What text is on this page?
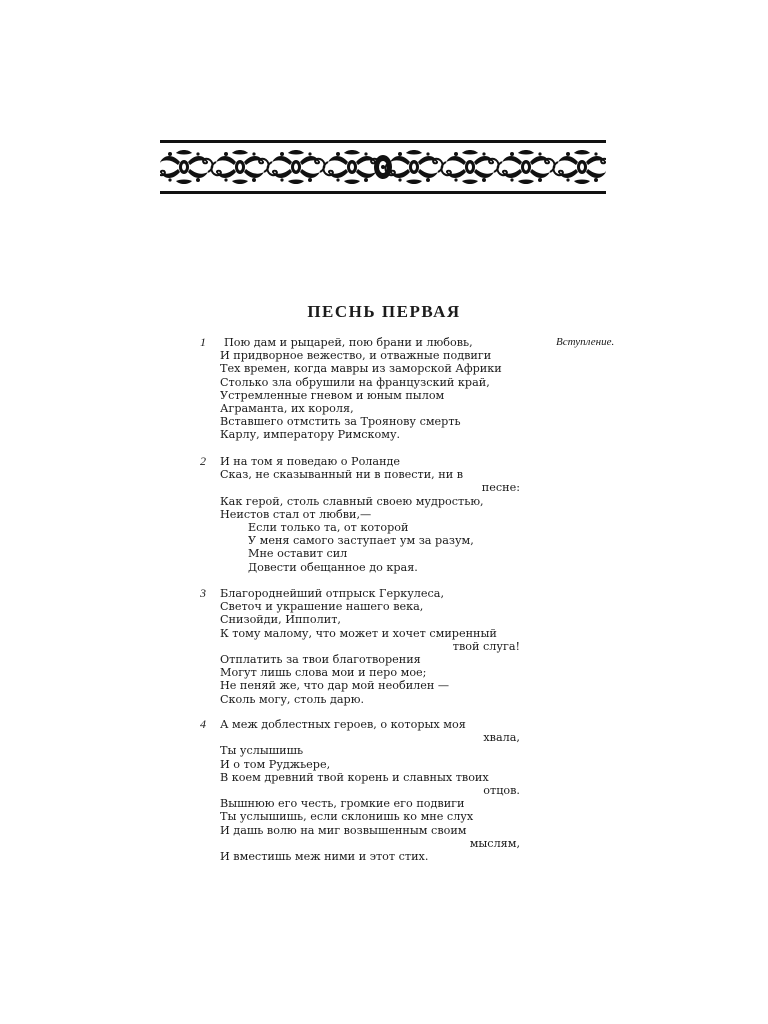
ПЕСНЬ ПЕРВАЯ
1	Пою дам и рыцарей, пою брани и любовь,
И придворное вежество, и отважные подвиги
Тех времен, когда мавры из заморской Африки
Столько зла обрушили на французский край,
Устремленные гневом и юным пылом
Аграманта, их короля,
Вставшего отмстить за Троянову смерть
Карлу, императору Римскому.
Вступление.
2 И на том я поведаю о Роланде
Сказ, не сказыванный ни в повести, ни в
песне:
Как герой, столь славный своею мудростью,
Неистов стал от любви,—
Если только та, от которой
У меня самого заступает ум за разум,
Мне оставит сил
Довести обещанное до края.
3 Благороднейший отпрыск Геркулеса,
Светоч и украшение нашего века,
Снизойди, Ипполит,
К тому малому, что может и хочет смиренный
твой слуга!
Отплатить за твои благотворения
Могут лишь слова мои и перо мое;
Не пеняй же, что дар мой необилен —
Сколь могу, столь дарю.
4 А меж доблестных героев, о которых моя
хвала,
Ты услышишь
И о том Руджьере,
В коем древний твой корень и славных твоих
отцов.
Вышнюю его честь, громкие его подвиги
Ты услышишь, если склонишь ко мне слух
И дашь волю на миг возвышенным своим
мыслям,
И вместишь меж ними и этот стих.
